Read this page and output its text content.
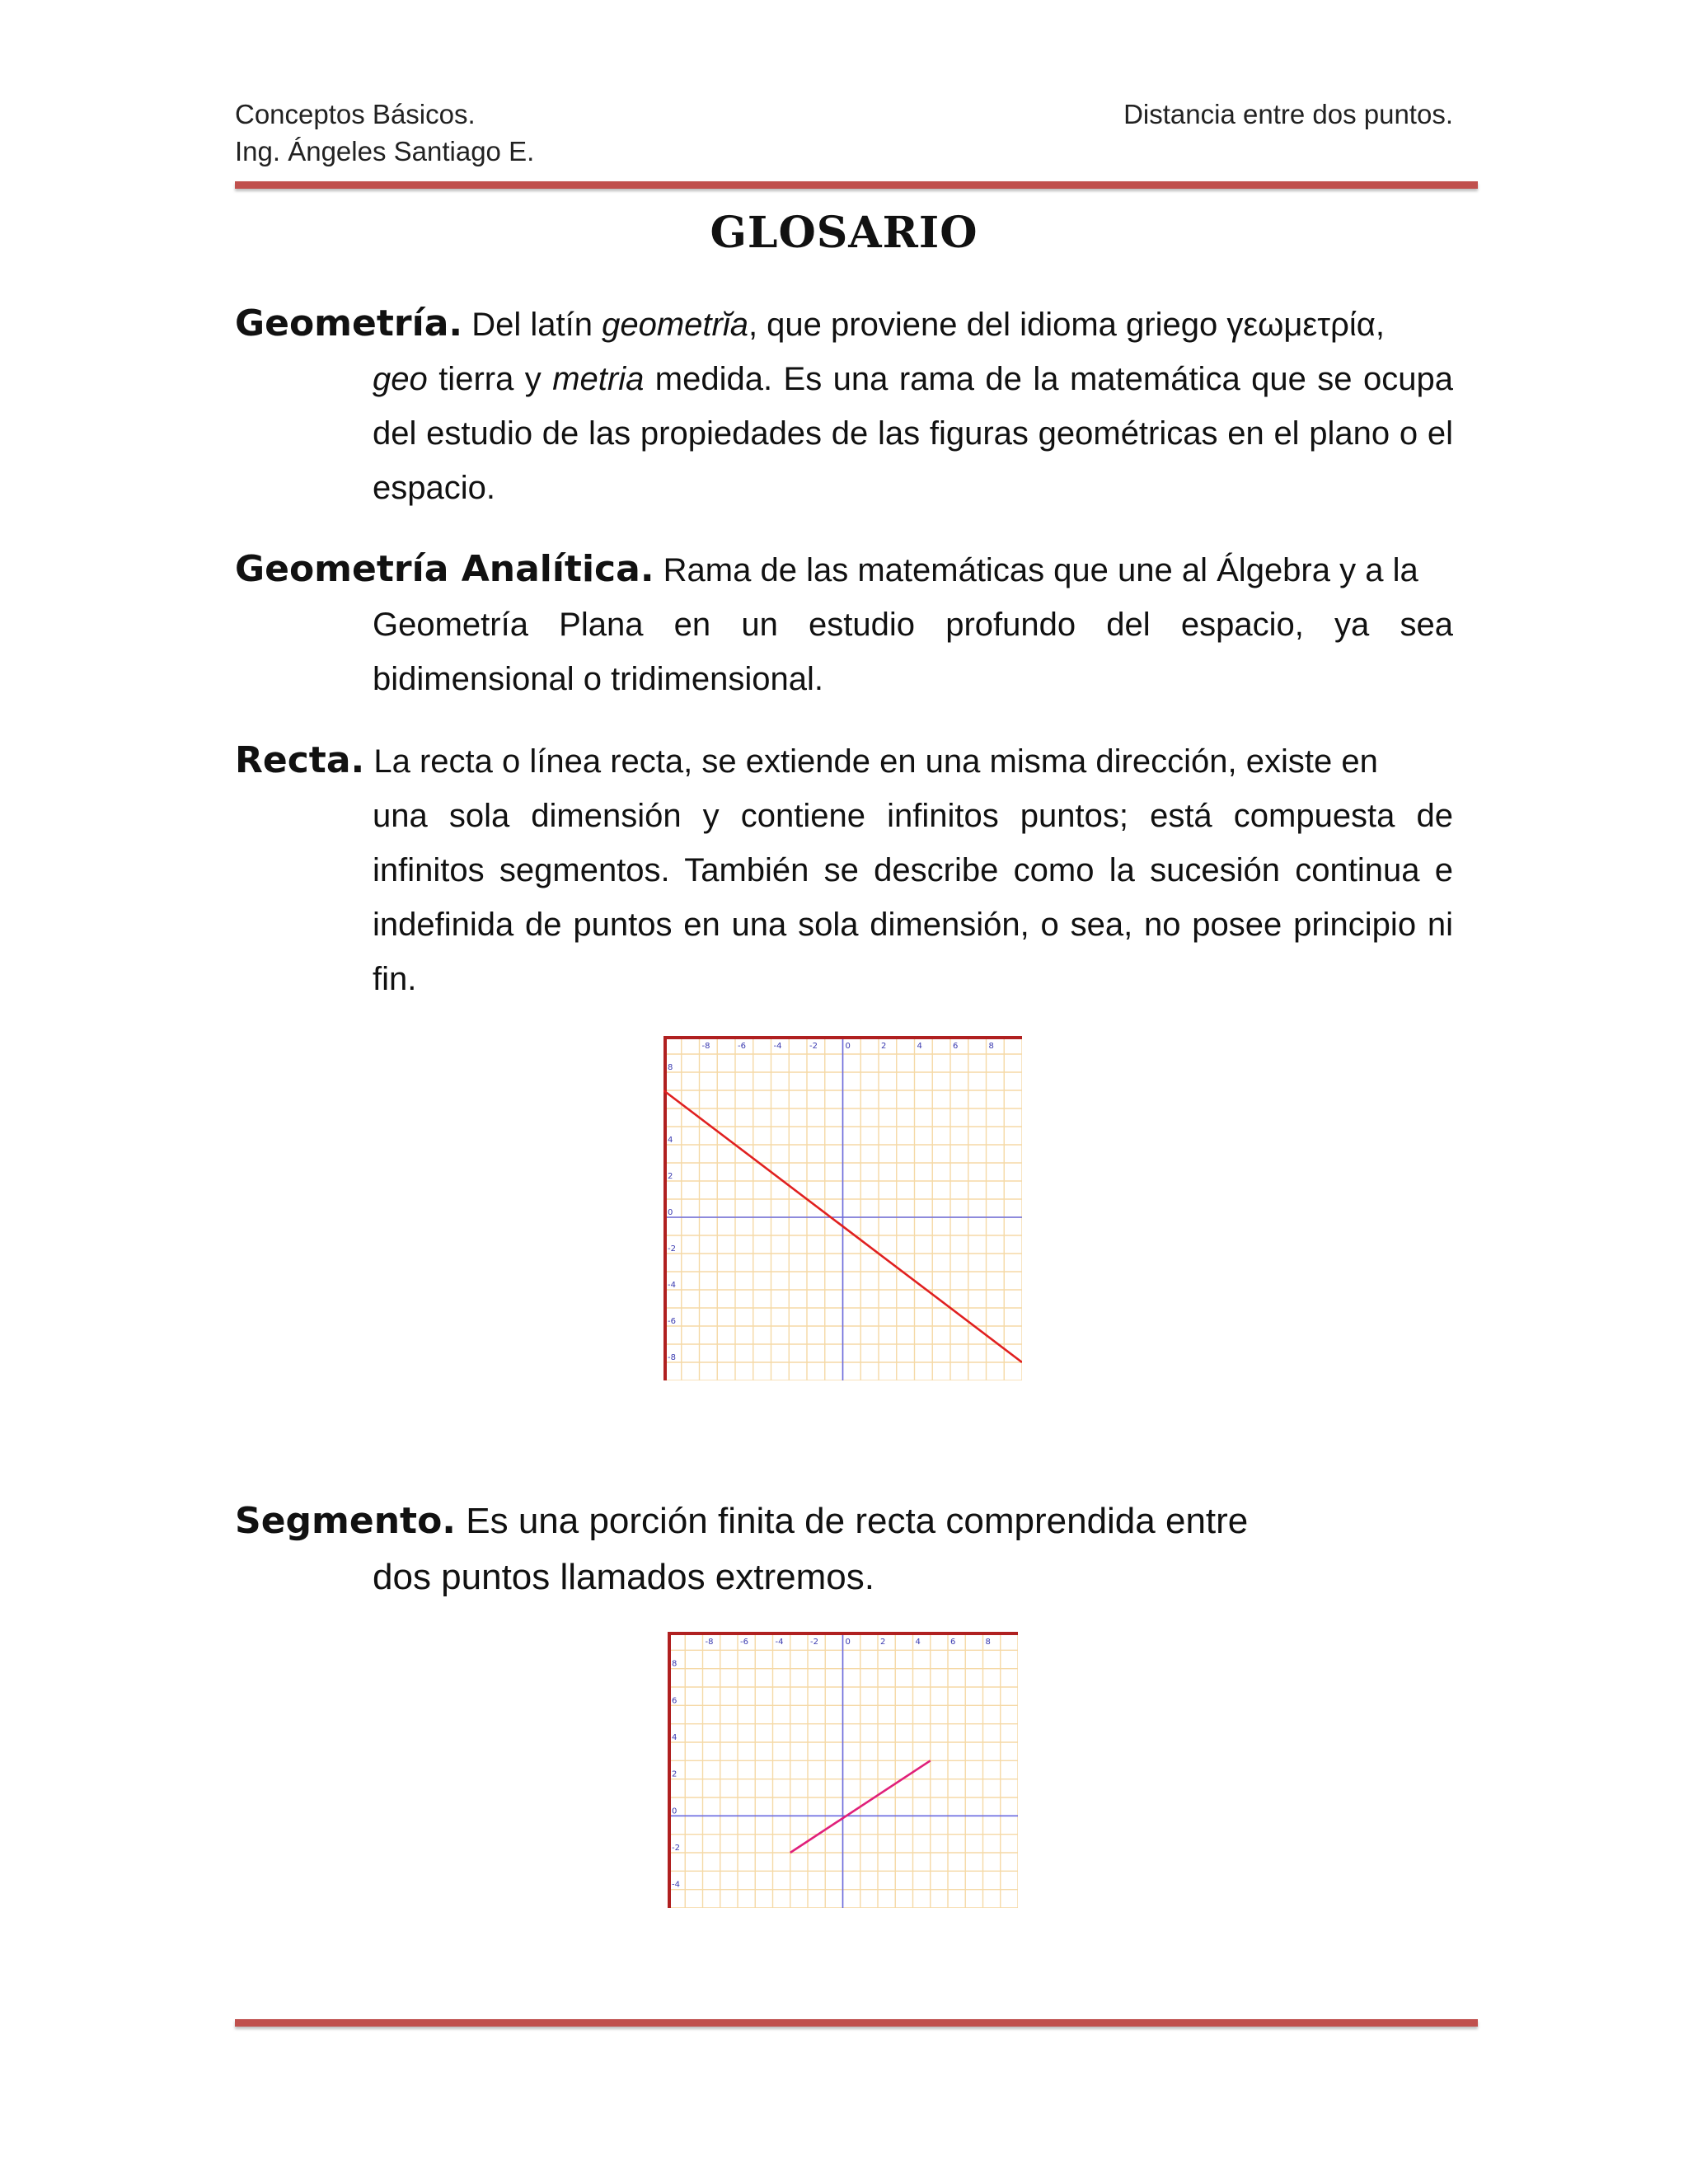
Conceptos Básicos.
Ing. Ángeles Santiago E.
Distancia entre dos puntos.
GLOSARIO
Geometría. Del latín geometrĭa, que proviene del idioma griego γεωμετρία,
geo tierra y metria medida. Es una rama de la matemática que se ocupa del estudio de las propiedades de las figuras geométricas en el plano o el espacio.
Geometría Analítica. Rama de las matemáticas que une al Álgebra y a la
Geometría Plana en un estudio profundo del espacio, ya sea bidimensional o tridimensional.
Recta. La recta o línea recta, se extiende en una misma dirección, existe en
una sola dimensión y contiene infinitos puntos; está compuesta de infinitos segmentos. También se describe como la sucesión continua e indefinida de puntos en una sola dimensión, o sea, no posee principio ni fin.
-8	-6	-4	-2	0	2	4	6	8
8
4
2
0
-2
-4
-6
-8
Segmento. Es una porción finita de recta comprendida entre
dos puntos llamados extremos.
-8	-6	-4	-2	0	2	4	6	8
8
6
4
2
0
-2
-4
